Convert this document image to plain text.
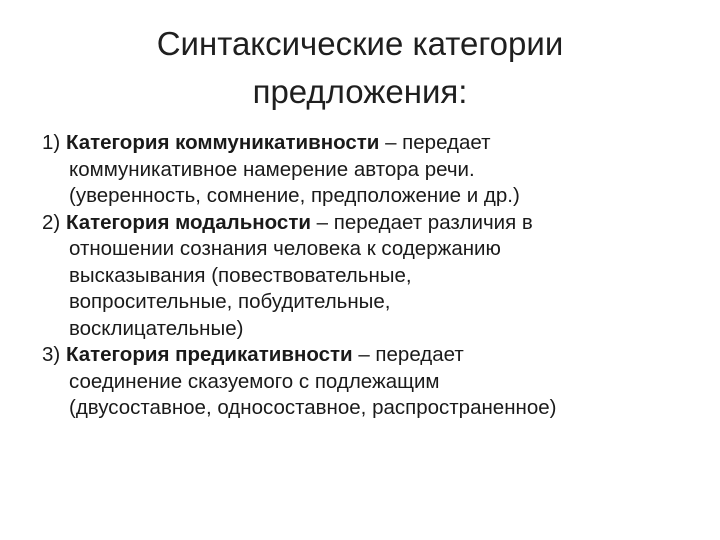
Синтаксические категории
предложения:
1) Категория коммуникативности – передает
коммуникативное намерение автора речи.
(уверенность, сомнение, предположение и др.)
2) Категория модальности – передает различия в
отношении сознания человека к содержанию
высказывания (повествовательные,
вопросительные, побудительные,
восклицательные)
3) Категория предикативности – передает
соединение сказуемого с подлежащим
(двусоставное, односоставное, распространенное)
